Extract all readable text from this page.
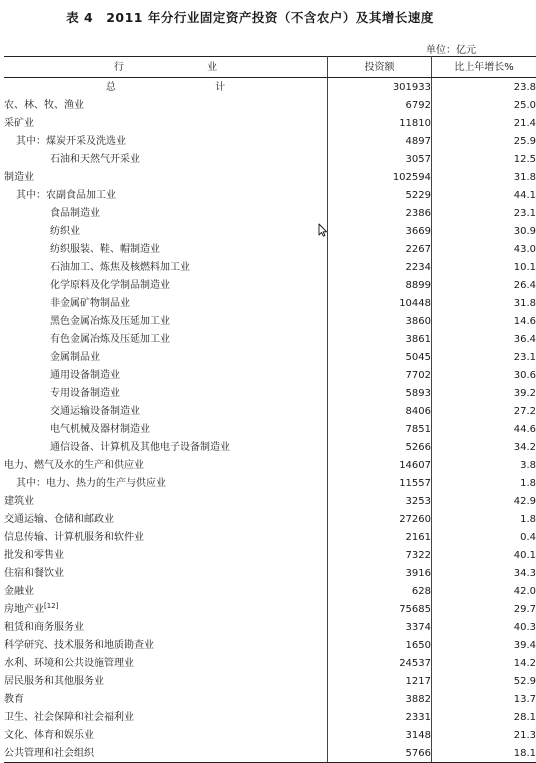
表 4　2011 年分行业固定资产投资（不含农户）及其增长速度
单位：亿元
行 业	投资额	比上年增长%
总 计	301933	23.8
农、林、牧、渔业	6792	25.0
采矿业	11810	21.4
其中：煤炭开采及洗选业	4897	25.9
石油和天然气开采业	3057	12.5
制造业	102594	31.8
其中：农副食品加工业	5229	44.1
食品制造业	2386	23.1
纺织业	3669	30.9
纺织服装、鞋、帽制造业	2267	43.0
石油加工、炼焦及核燃料加工业	2234	10.1
化学原料及化学制品制造业	8899	26.4
非金属矿物制品业	10448	31.8
黑色金属冶炼及压延加工业	3860	14.6
有色金属冶炼及压延加工业	3861	36.4
金属制品业	5045	23.1
通用设备制造业	7702	30.6
专用设备制造业	5893	39.2
交通运输设备制造业	8406	27.2
电气机械及器材制造业	7851	44.6
通信设备、计算机及其他电子设备制造业	5266	34.2
电力、燃气及水的生产和供应业	14607	3.8
其中：电力、热力的生产与供应业	11557	1.8
建筑业	3253	42.9
交通运输、仓储和邮政业	27260	1.8
信息传输、计算机服务和软件业	2161	0.4
批发和零售业	7322	40.1
住宿和餐饮业	3916	34.3
金融业	628	42.0
房地产业[12]	75685	29.7
租赁和商务服务业	3374	40.3
科学研究、技术服务和地质勘查业	1650	39.4
水利、环境和公共设施管理业	24537	14.2
居民服务和其他服务业	1217	52.9
教育	3882	13.7
卫生、社会保障和社会福利业	2331	28.1
文化、体育和娱乐业	3148	21.3
公共管理和社会组织	5766	18.1
